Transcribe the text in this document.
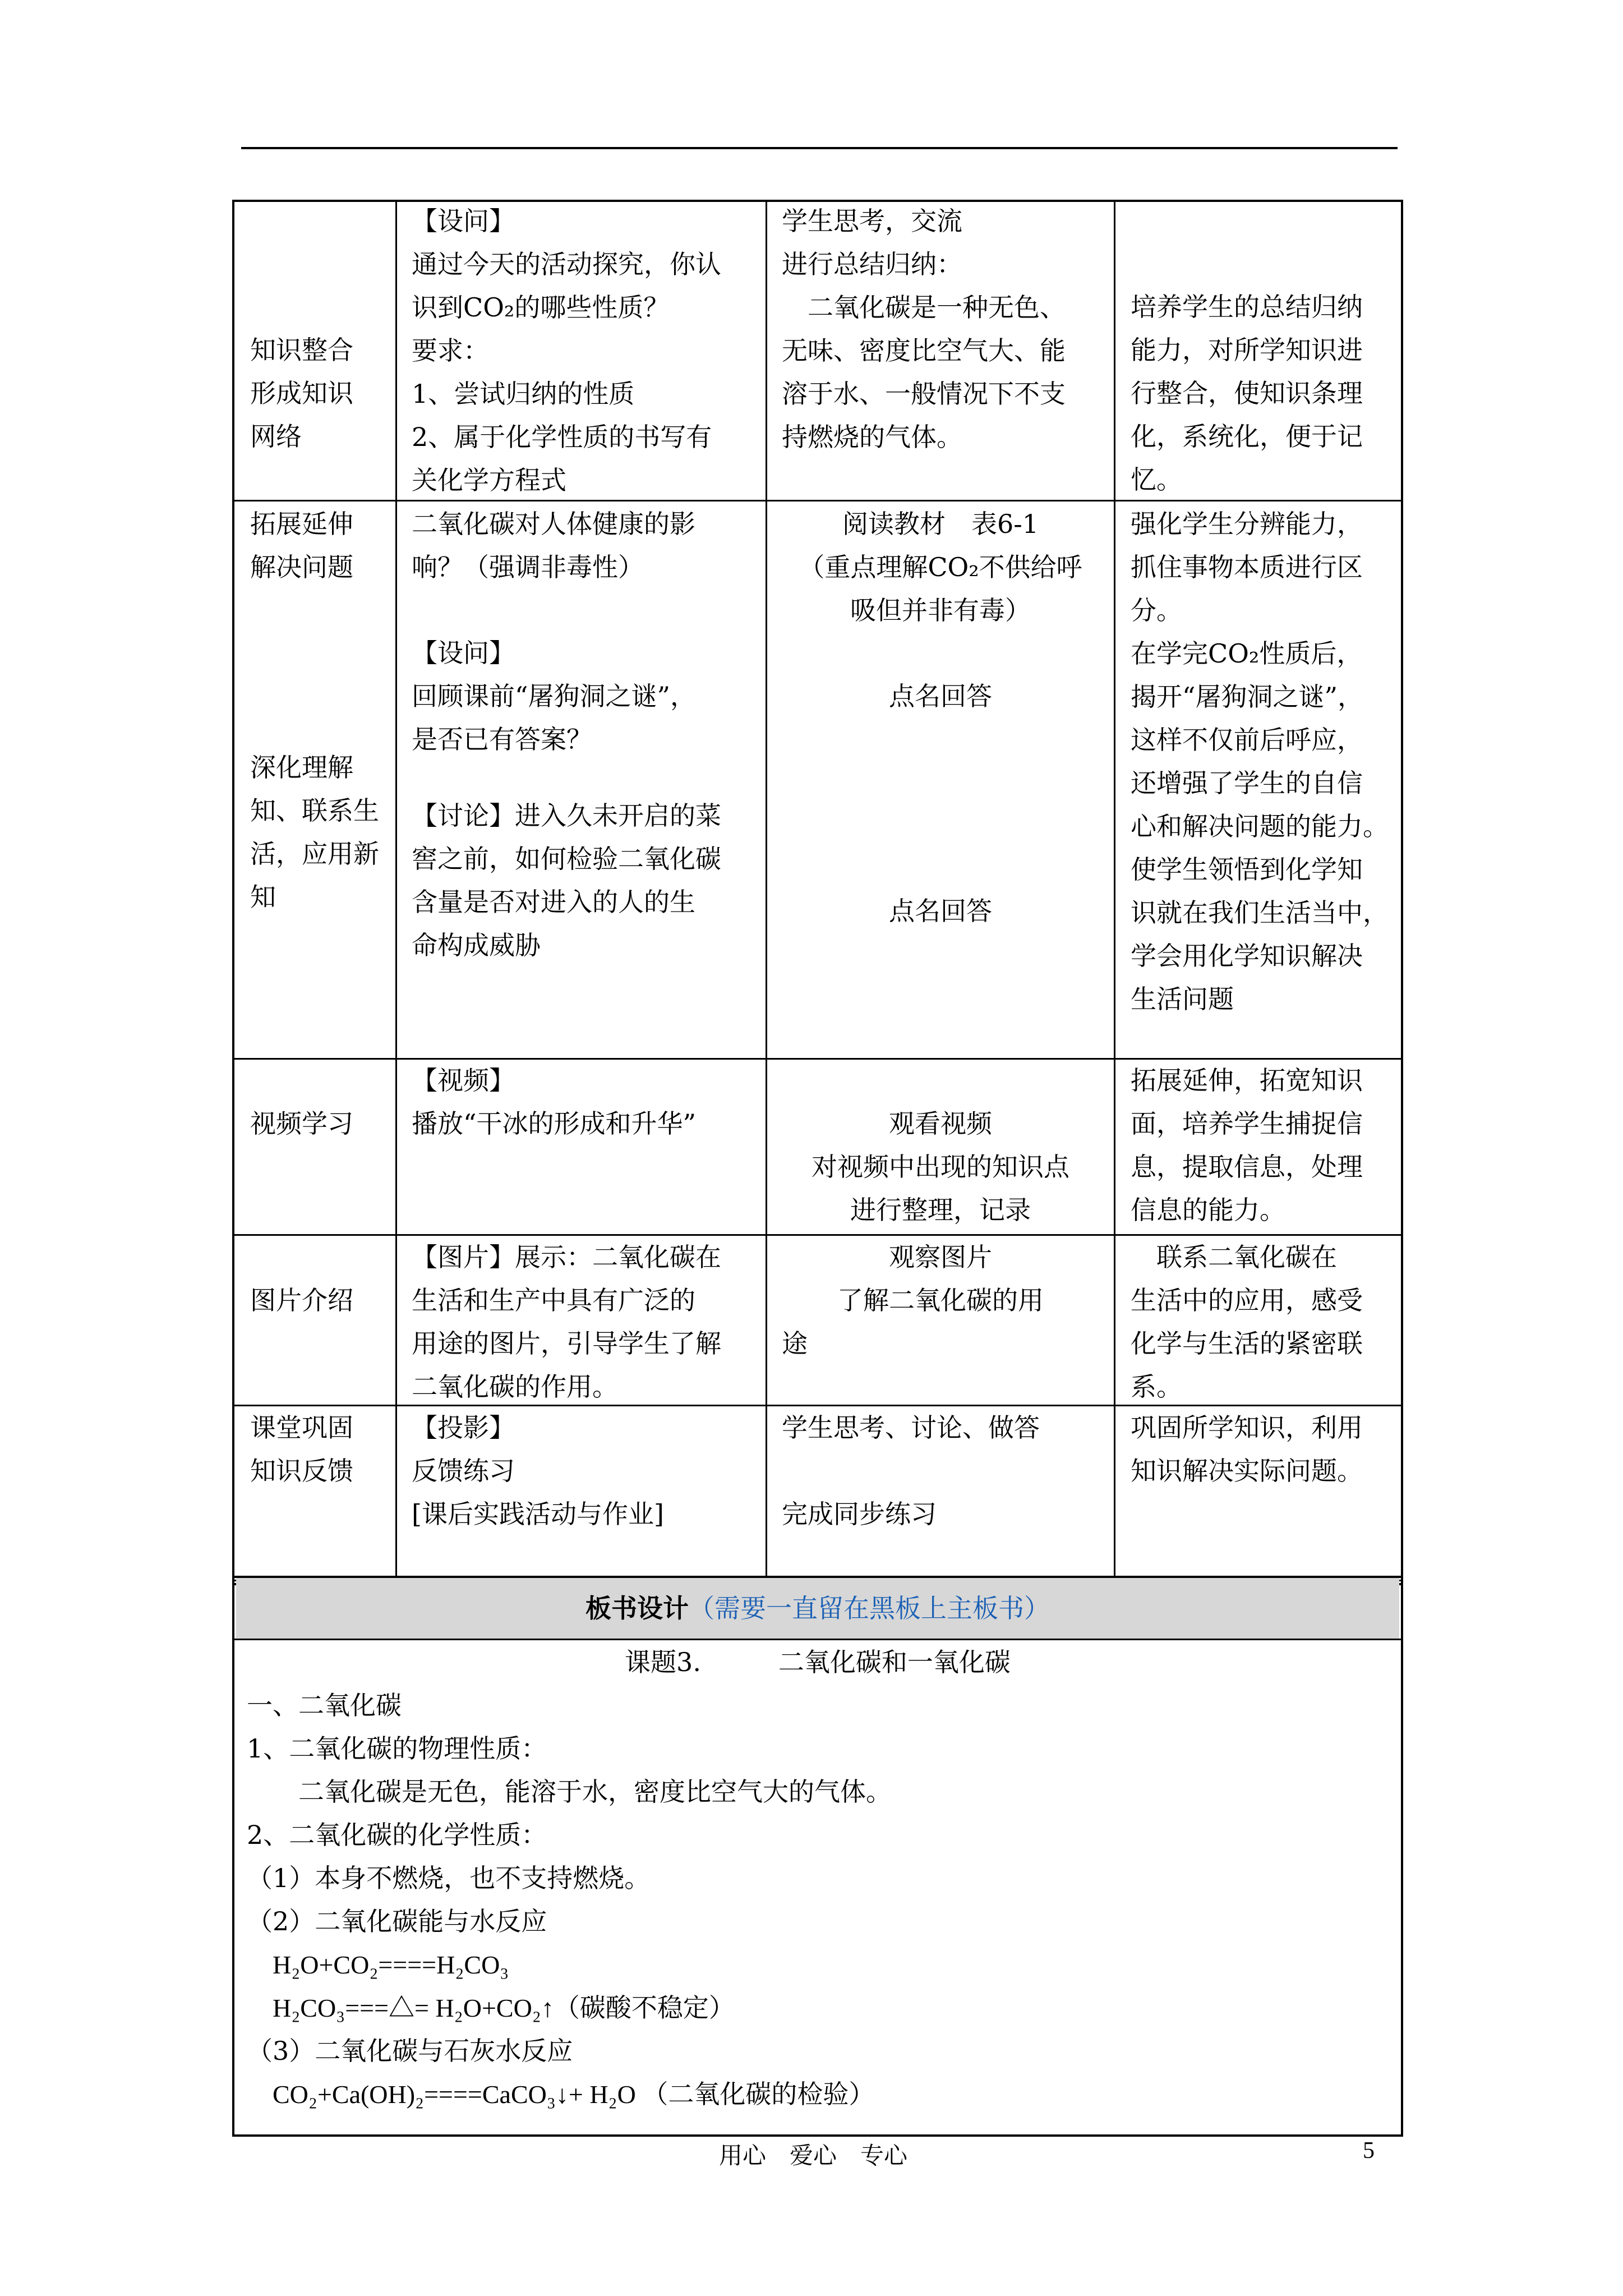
知识整合
形成知识
网络
【设问】
通过今天的活动探究，你认
识到CO₂的哪些性质？
要求：
1、尝试归纳的性质
2、属于化学性质的书写有
关化学方程式
学生思考，交流
进行总结归纳：
　二氧化碳是一种无色、
无味、密度比空气大、能
溶于水、一般情况下不支
持燃烧的气体。
培养学生的总结归纳
能力，对所学知识进
行整合，使知识条理
化，系统化，便于记
忆。
拓展延伸
解决问题
深化理解
知、联系生
活，应用新
知
二氧化碳对人体健康的影
响？（强调非毒性）
【设问】
回顾课前“屠狗洞之谜”，
是否已有答案？
【讨论】进入久未开启的菜
窖之前，如何检验二氧化碳
含量是否对进入的人的生
命构成威胁
阅读教材　表6-1
（重点理解CO₂不供给呼
吸但并非有毒）
点名回答
点名回答
强化学生分辨能力，
抓住事物本质进行区
分。
在学完CO₂性质后，
揭开“屠狗洞之谜”，
这样不仅前后呼应，
还增强了学生的自信
心和解决问题的能力。
使学生领悟到化学知
识就在我们生活当中，
学会用化学知识解决
生活问题
视频学习
【视频】
播放“干冰的形成和升华”	观看视频
对视频中出现的知识点
进行整理，记录
拓展延伸，拓宽知识
面，培养学生捕捉信
息，提取信息，处理
信息的能力。
图片介绍
【图片】展示：二氧化碳在
生活和生产中具有广泛的
用途的图片，引导学生了解
二氧化碳的作用。
观察图片
了解二氧化碳的用
途
　联系二氧化碳在
生活中的应用，感受
化学与生活的紧密联
系。
课堂巩固
知识反馈
【投影】
反馈练习
[课后实践活动与作业]
学生思考、讨论、做答
完成同步练习
巩固所学知识，利用
知识解决实际问题。
板书设计（需要一直留在黑板上主板书）
课题3.　　　二氧化碳和一氧化碳
一、二氧化碳
1、二氧化碳的物理性质：
　　二氧化碳是无色，能溶于水，密度比空气大的气体。
2、二氧化碳的化学性质：
（1）本身不燃烧，也不支持燃烧。
（2）二氧化碳能与水反应
　H₂O+CO₂====H₂CO₃
　H₂CO₃===△= H₂O+CO₂↑（碳酸不稳定）
（3）二氧化碳与石灰水反应
　CO₂+Ca(OH)₂====CaCO₃↓+ H₂O （二氧化碳的检验）
用心　爱心　专心	5
